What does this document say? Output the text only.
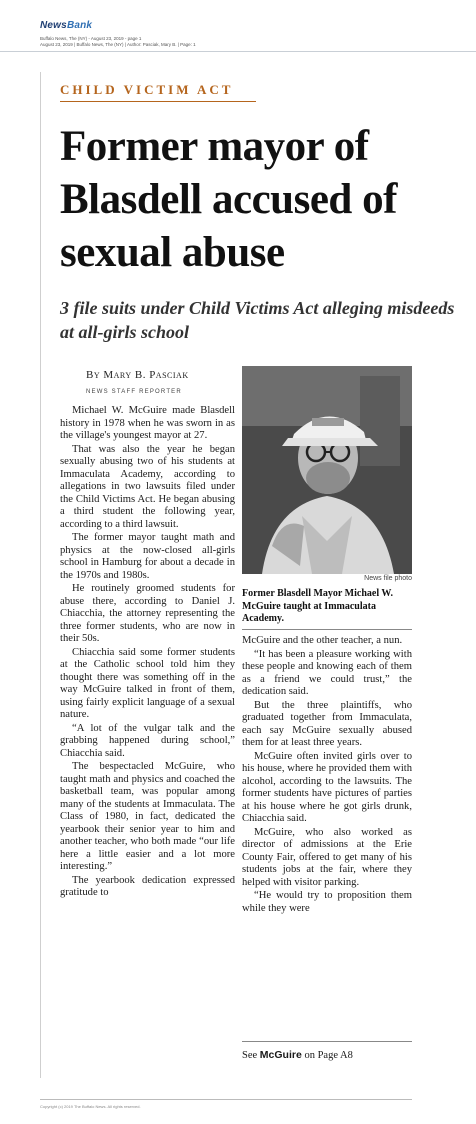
NewsBank
Buffalo News, The (NY) - August 23, 2019 - page 1
August 23, 2019 | Buffalo News, The (NY) | Author: Pasciak, Mary B. | Page: 1
CHILD VICTIM ACT
Former mayor of Blasdell accused of sexual abuse
3 file suits under Child Victims Act alleging misdeeds at all-girls school
By Mary B. Pasciak
NEWS STAFF REPORTER

Michael W. McGuire made Blasdell history in 1978 when he was sworn in as the village's youngest mayor at 27.

That was also the year he began sexually abusing two of his students at Immaculata Academy, according to allegations in two lawsuits filed under the Child Victims Act. He began abusing a third student the following year, according to a third lawsuit.

The former mayor taught math and physics at the now-closed all-girls school in Hamburg for about a decade in the 1970s and 1980s.

He routinely groomed students for abuse there, according to Daniel J. Chiacchia, the attorney representing the three former students, who are now in their 50s.

Chiacchia said some former students at the Catholic school told him they thought there was something off in the way McGuire talked in front of them, using fairly explicit language of a sexual nature.

“A lot of the vulgar talk and the grabbing happened during school,” Chiacchia said.

The bespectacled McGuire, who taught math and physics and coached the basketball team, was popular among many of the students at Immaculata. The Class of 1980, in fact, dedicated the yearbook their senior year to him and another teacher, who both made “our life here a little easier and a lot more interesting.”

The yearbook dedication expressed gratitude to

News file photo
Former Blasdell Mayor Michael W. McGuire taught at Immaculata Academy.

McGuire and the other teacher, a nun.

“It has been a pleasure working with these people and knowing each of them as a friend we could trust,” the dedication said.

But the three plaintiffs, who graduated together from Immaculata, each say McGuire sexually abused them for at least three years.

McGuire often invited girls over to his house, where he provided them with alcohol, according to the lawsuits. The former students have pictures of parties at his house where he got girls drunk, Chiacchia said.

McGuire, who also worked as director of admissions at the Erie County Fair, offered to get many of his students jobs at the fair, where they helped with visitor parking.

“He would try to proposition them while they were

See McGuire on Page A8
Copyright (c) 2019 The Buffalo News. All rights reserved.
